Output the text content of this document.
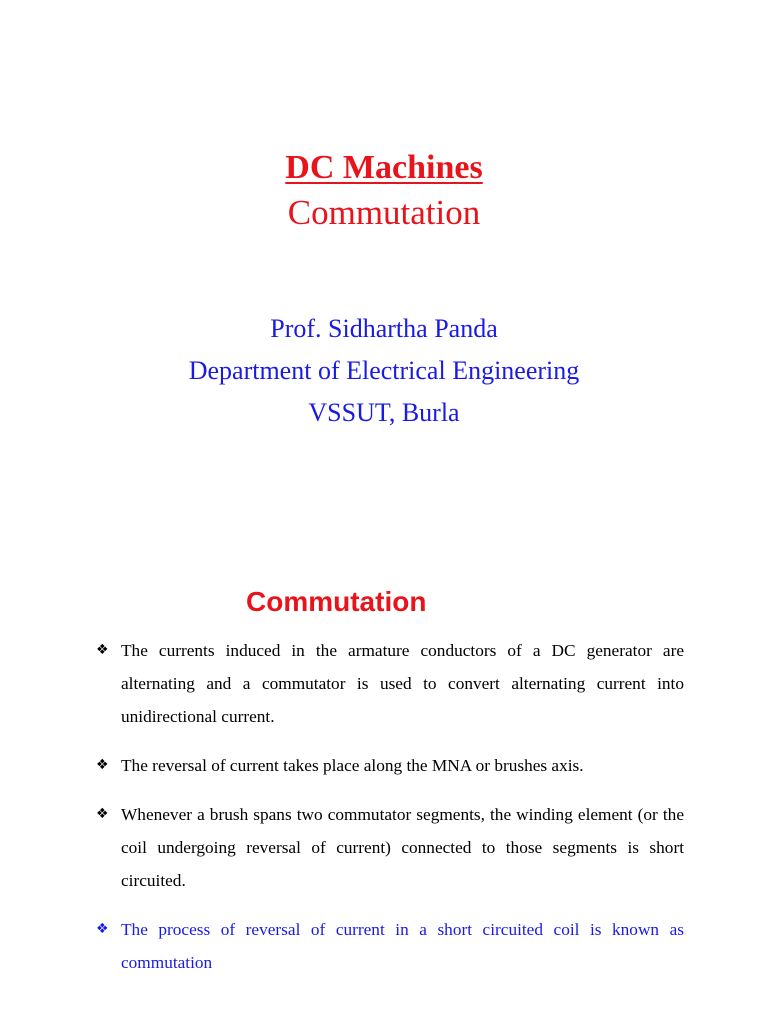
DC Machines
Commutation
Prof. Sidhartha Panda
Department of Electrical Engineering
VSSUT, Burla
Commutation
❖ The currents induced in the armature conductors of a DC generator are alternating and a commutator is used to convert alternating current into unidirectional current.
❖ The reversal of current takes place along the MNA or brushes axis.
❖ Whenever a brush spans two commutator segments, the winding element (or the coil undergoing reversal of current) connected to those segments is short circuited.
❖ The process of reversal of current in a short circuited coil is known as commutation
